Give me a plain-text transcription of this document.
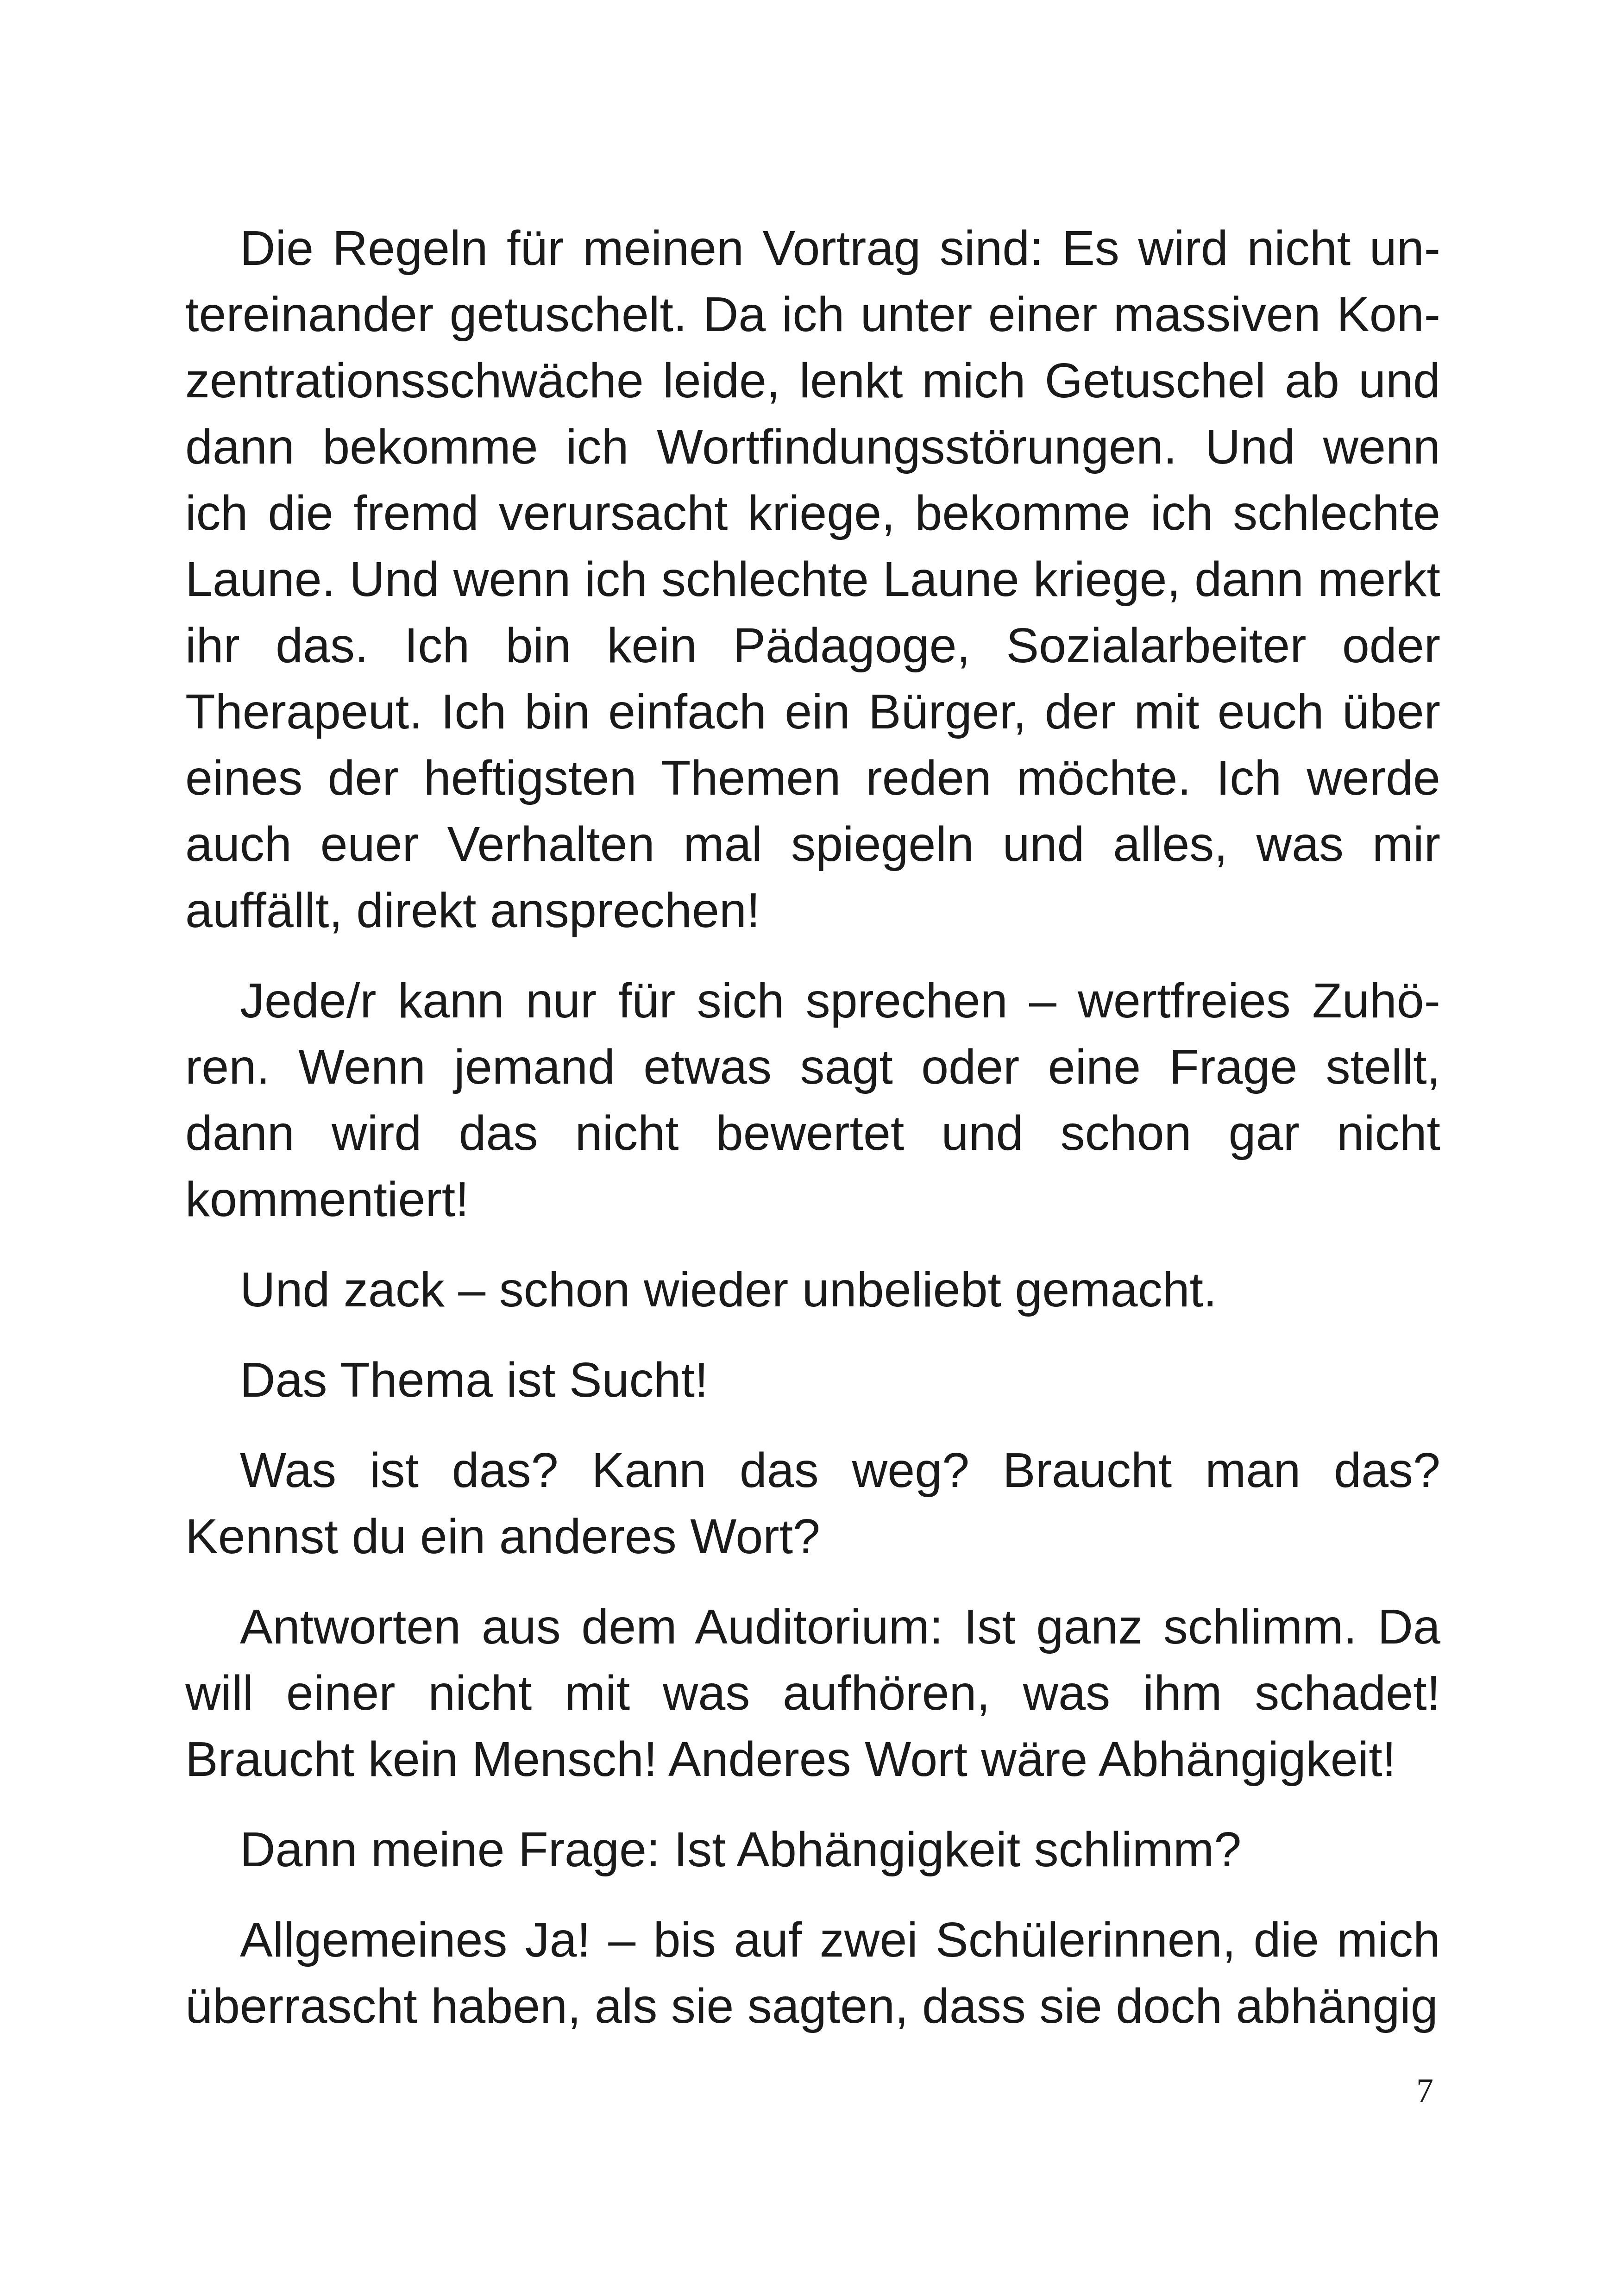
Die Regeln für meinen Vortrag sind: Es wird nicht untereinander getuschelt. Da ich unter einer massiven Konzentrationsschwäche leide, lenkt mich Getuschel ab und dann bekomme ich Wortfindungsstörungen. Und wenn ich die fremd verursacht kriege, bekomme ich schlechte Laune. Und wenn ich schlechte Laune kriege, dann merkt ihr das. Ich bin kein Pädagoge, Sozialarbeiter oder Therapeut. Ich bin einfach ein Bürger, der mit euch über eines der heftigsten Themen reden möchte. Ich werde auch euer Verhalten mal spiegeln und alles, was mir auffällt, direkt ansprechen!

Jede/r kann nur für sich sprechen – wertfreies Zuhören. Wenn jemand etwas sagt oder eine Frage stellt, dann wird das nicht bewertet und schon gar nicht kommentiert!

Und zack – schon wieder unbeliebt gemacht.

Das Thema ist Sucht!

Was ist das? Kann das weg? Braucht man das? Kennst du ein anderes Wort?

Antworten aus dem Auditorium: Ist ganz schlimm. Da will einer nicht mit was aufhören, was ihm schadet! Braucht kein Mensch! Anderes Wort wäre Abhängigkeit!

Dann meine Frage: Ist Abhängigkeit schlimm?

Allgemeines Ja! – bis auf zwei Schülerinnen, die mich überrascht haben, als sie sagten, dass sie doch abhängig

7
